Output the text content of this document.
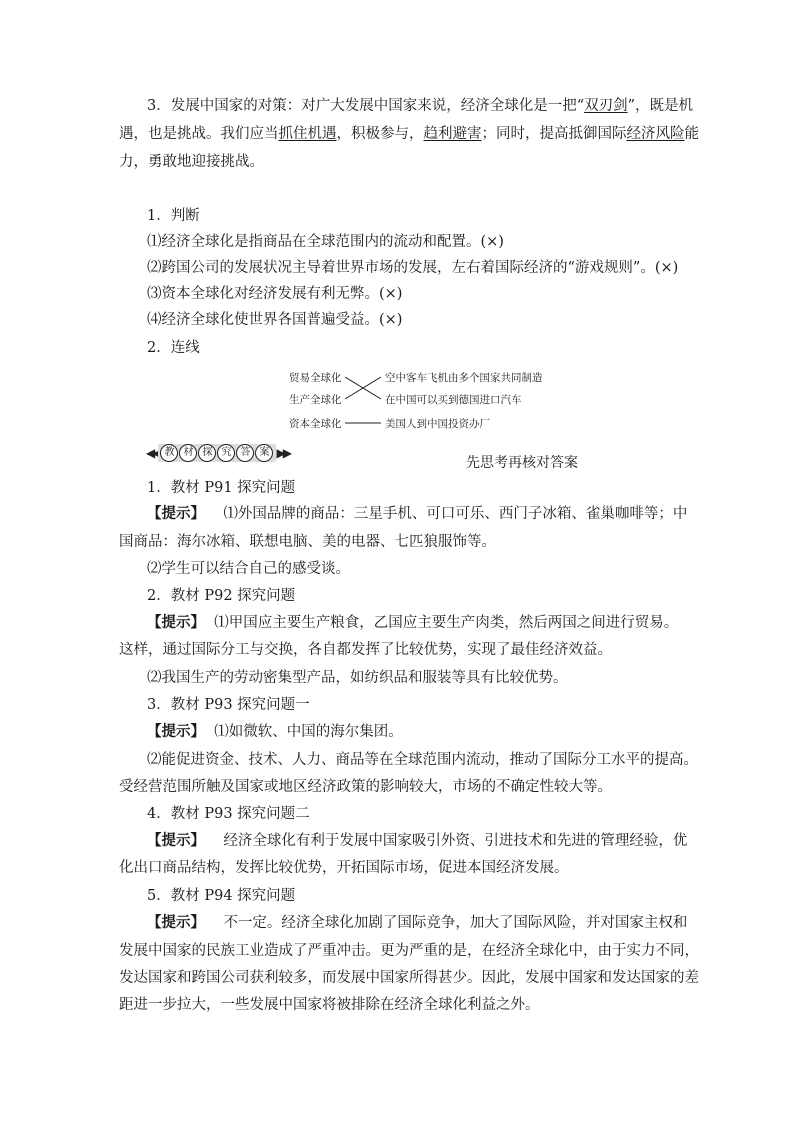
3．发展中国家的对策：对广大发展中国家来说，经济全球化是一把“双刃剑”，既是机
遇，也是挑战。我们应当抓住机遇，积极参与，趋利避害；同时，提高抵御国际经济风险能
力，勇敢地迎接挑战。
1．判断
⑴经济全球化是指商品在全球范围内的流动和配置。(×)
⑵跨国公司的发展状况主导着世界市场的发展，左右着国际经济的“游戏规则”。(×)
⑶资本全球化对经济发展有利无弊。(×)
⑷经济全球化使世界各国普遍受益。(×)
2．连线
贸易全球化
生产全球化
资本全球化
空中客车飞机由多个国家共同制造
在中国可以买到德国进口汽车
美国人到中国投资办厂
◀◀ 教 材 探 究 答 案 ▶▶
先思考再核对答案
1．教材 P91 探究问题
【提示】 ⑴外国品牌的商品：三星手机、可口可乐、西门子冰箱、雀巢咖啡等；中
国商品：海尔冰箱、联想电脑、美的电器、七匹狼服饰等。
⑵学生可以结合自己的感受谈。
2．教材 P92 探究问题
【提示】 ⑴甲国应主要生产粮食，乙国应主要生产肉类，然后两国之间进行贸易。
这样，通过国际分工与交换，各自都发挥了比较优势，实现了最佳经济效益。
⑵我国生产的劳动密集型产品，如纺织品和服装等具有比较优势。
3．教材 P93 探究问题一
【提示】 ⑴如微软、中国的海尔集团。
⑵能促进资金、技术、人力、商品等在全球范围内流动，推动了国际分工水平的提高。
受经营范围所触及国家或地区经济政策的影响较大，市场的不确定性较大等。
4．教材 P93 探究问题二
【提示】 经济全球化有利于发展中国家吸引外资、引进技术和先进的管理经验，优
化出口商品结构，发挥比较优势，开拓国际市场，促进本国经济发展。
5．教材 P94 探究问题
【提示】 不一定。经济全球化加剧了国际竞争，加大了国际风险，并对国家主权和
发展中国家的民族工业造成了严重冲击。更为严重的是，在经济全球化中，由于实力不同，
发达国家和跨国公司获利较多，而发展中国家所得甚少。因此，发展中国家和发达国家的差
距进一步拉大，一些发展中国家将被排除在经济全球化利益之外。
